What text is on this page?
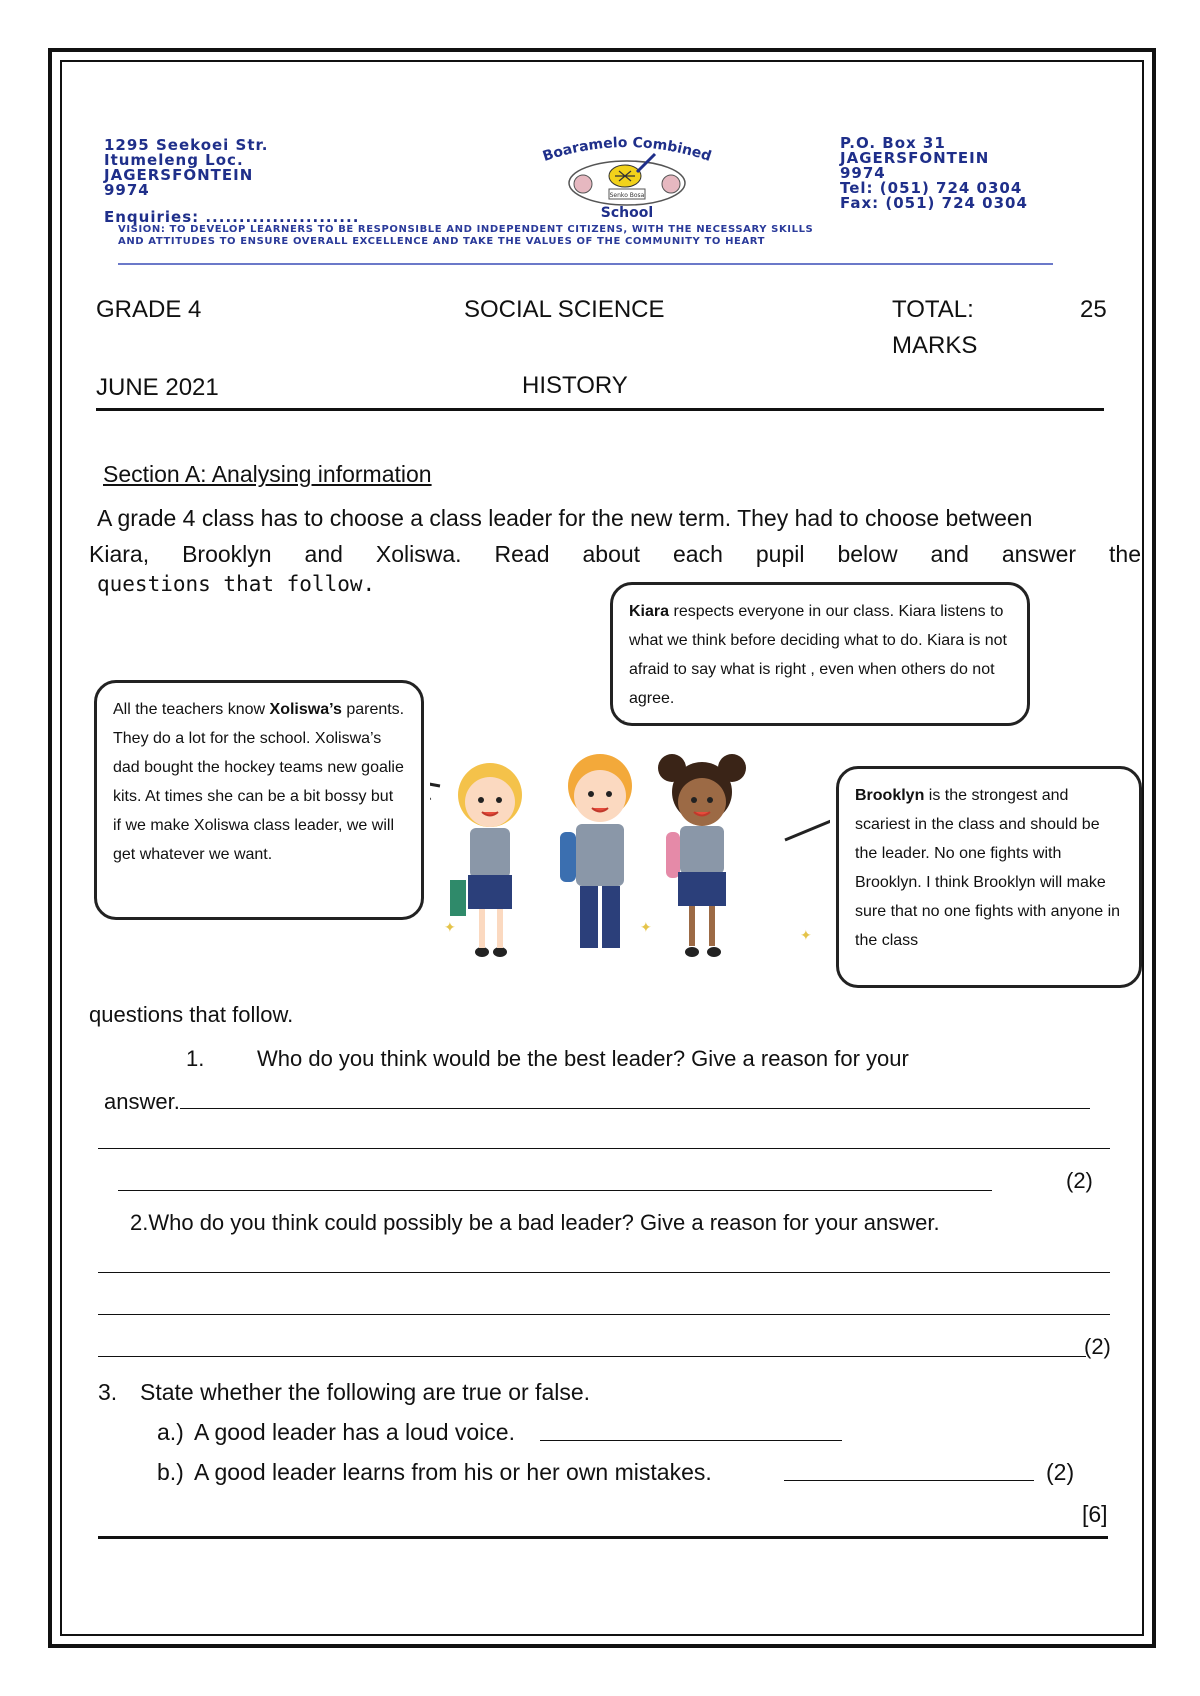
1295 Seekoei Str.
Itumeleng Loc.
JAGERSFONTEIN
9974
Enquiries: .......................
Boaramelo Combined
Senko Bosa
School
P.O. Box 31
JAGERSFONTEIN
9974
Tel: (051) 724 0304
Fax: (051) 724 0304
VISION: TO DEVELOP LEARNERS TO BE RESPONSIBLE AND INDEPENDENT CITIZENS, WITH THE NECESSARY SKILLS
AND ATTITUDES TO ENSURE OVERALL EXCELLENCE AND TAKE THE VALUES OF THE COMMUNITY TO HEART
GRADE 4	SOCIAL SCIENCE	TOTAL:	25
MARKS
JUNE 2021	HISTORY
Section A: Analysing information
A grade 4 class has to choose a class leader for the new term. They had to choose between
Kiara, Brooklyn and Xoliswa. Read about each pupil below and answer the
questions that follow.
Kiara respects everyone in our class. Kiara listens to what we think before deciding what to do. Kiara is not afraid to say what is right , even when others do not agree.
All the teachers know Xoliswa’s parents. They do a lot for the school. Xoliswa’s dad bought the hockey teams new goalie kits. At times she can be a bit bossy but if we make Xoliswa class leader, we will get whatever we want.
Brooklyn is the strongest and scariest in the class and should be the leader. No one fights with Brooklyn. I think Brooklyn will make sure that no one fights with anyone in the class
✦	✦	✦
questions that follow.
1. Who do you think would be the best leader? Give a reason for your
answer.
(2)
2.Who do you think could possibly be a bad leader? Give a reason for your answer.
(2)
3. State whether the following are true or false.
a.) A good leader has a loud voice.
b.) A good leader learns from his or her own mistakes.	(2)
[6]
